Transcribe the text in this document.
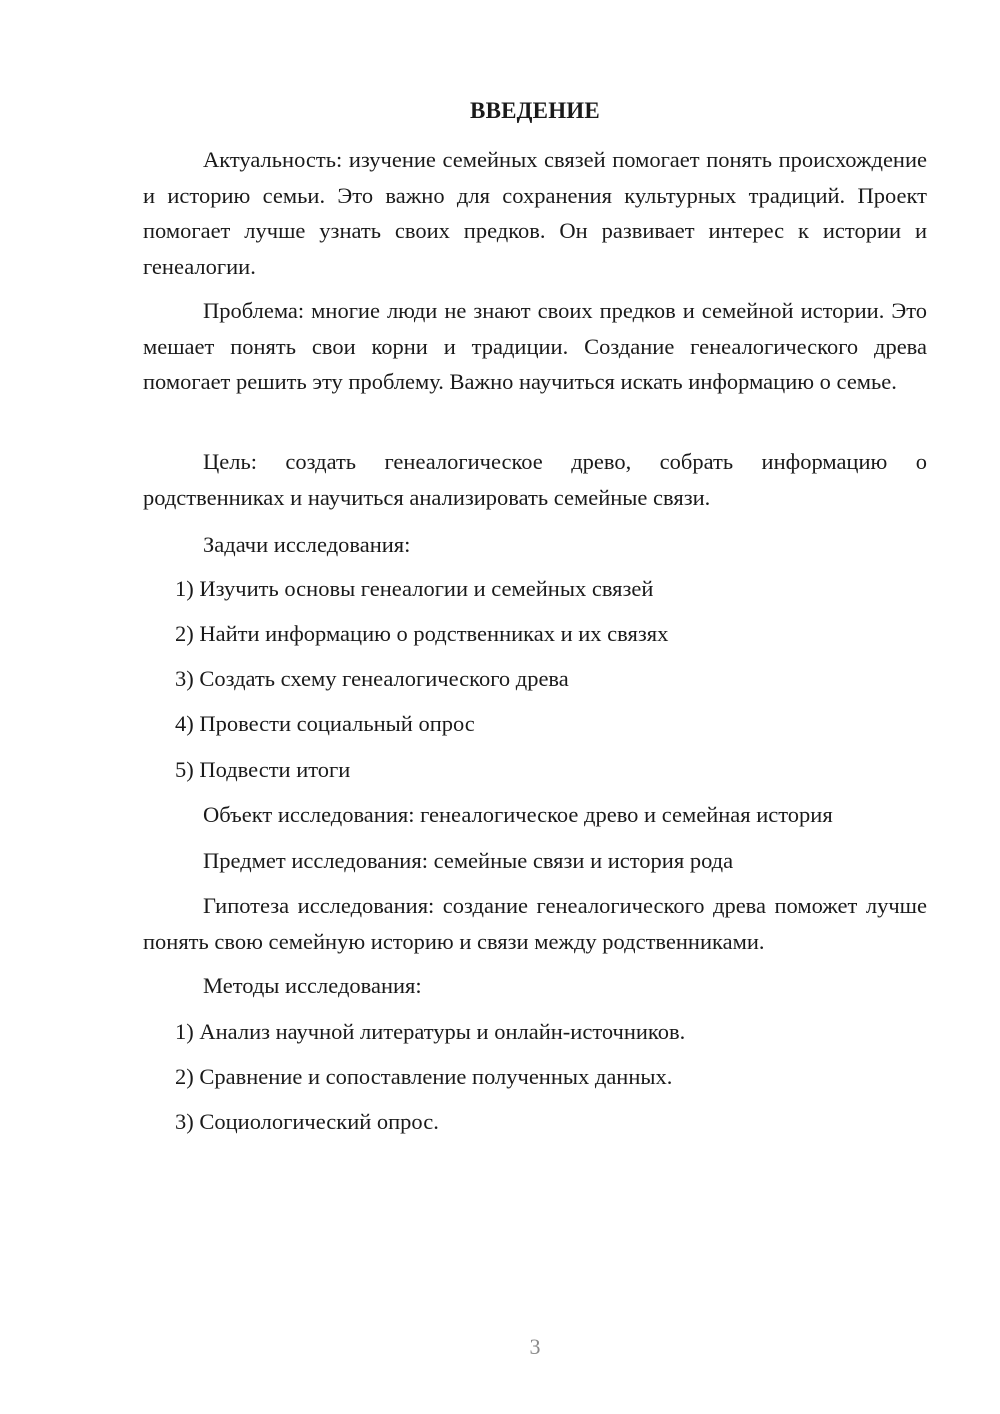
ВВЕДЕНИЕ

Актуальность: изучение семейных связей помогает понять происхождение и историю семьи. Это важно для сохранения культурных традиций. Проект помогает лучше узнать своих предков. Он развивает интерес к истории и генеалогии.

Проблема: многие люди не знают своих предков и семейной истории. Это мешает понять свои корни и традиции. Создание генеалогического древа помогает решить эту проблему. Важно научиться искать информацию о семье.

Цель: создать генеалогическое древо, собрать информацию о родственниках и научиться анализировать семейные связи.

Задачи исследования:
1) Изучить основы генеалогии и семейных связей
2) Найти информацию о родственниках и их связях
3) Создать схему генеалогического древа
4) Провести социальный опрос
5) Подвести итоги
Объект исследования: генеалогическое древо и семейная история
Предмет исследования: семейные связи и история рода

Гипотеза исследования: создание генеалогического древа поможет лучше понять свою семейную историю и связи между родственниками.

Методы исследования:
1) Анализ научной литературы и онлайн-источников.
2) Сравнение и сопоставление полученных данных.
3) Социологический опрос.
3
